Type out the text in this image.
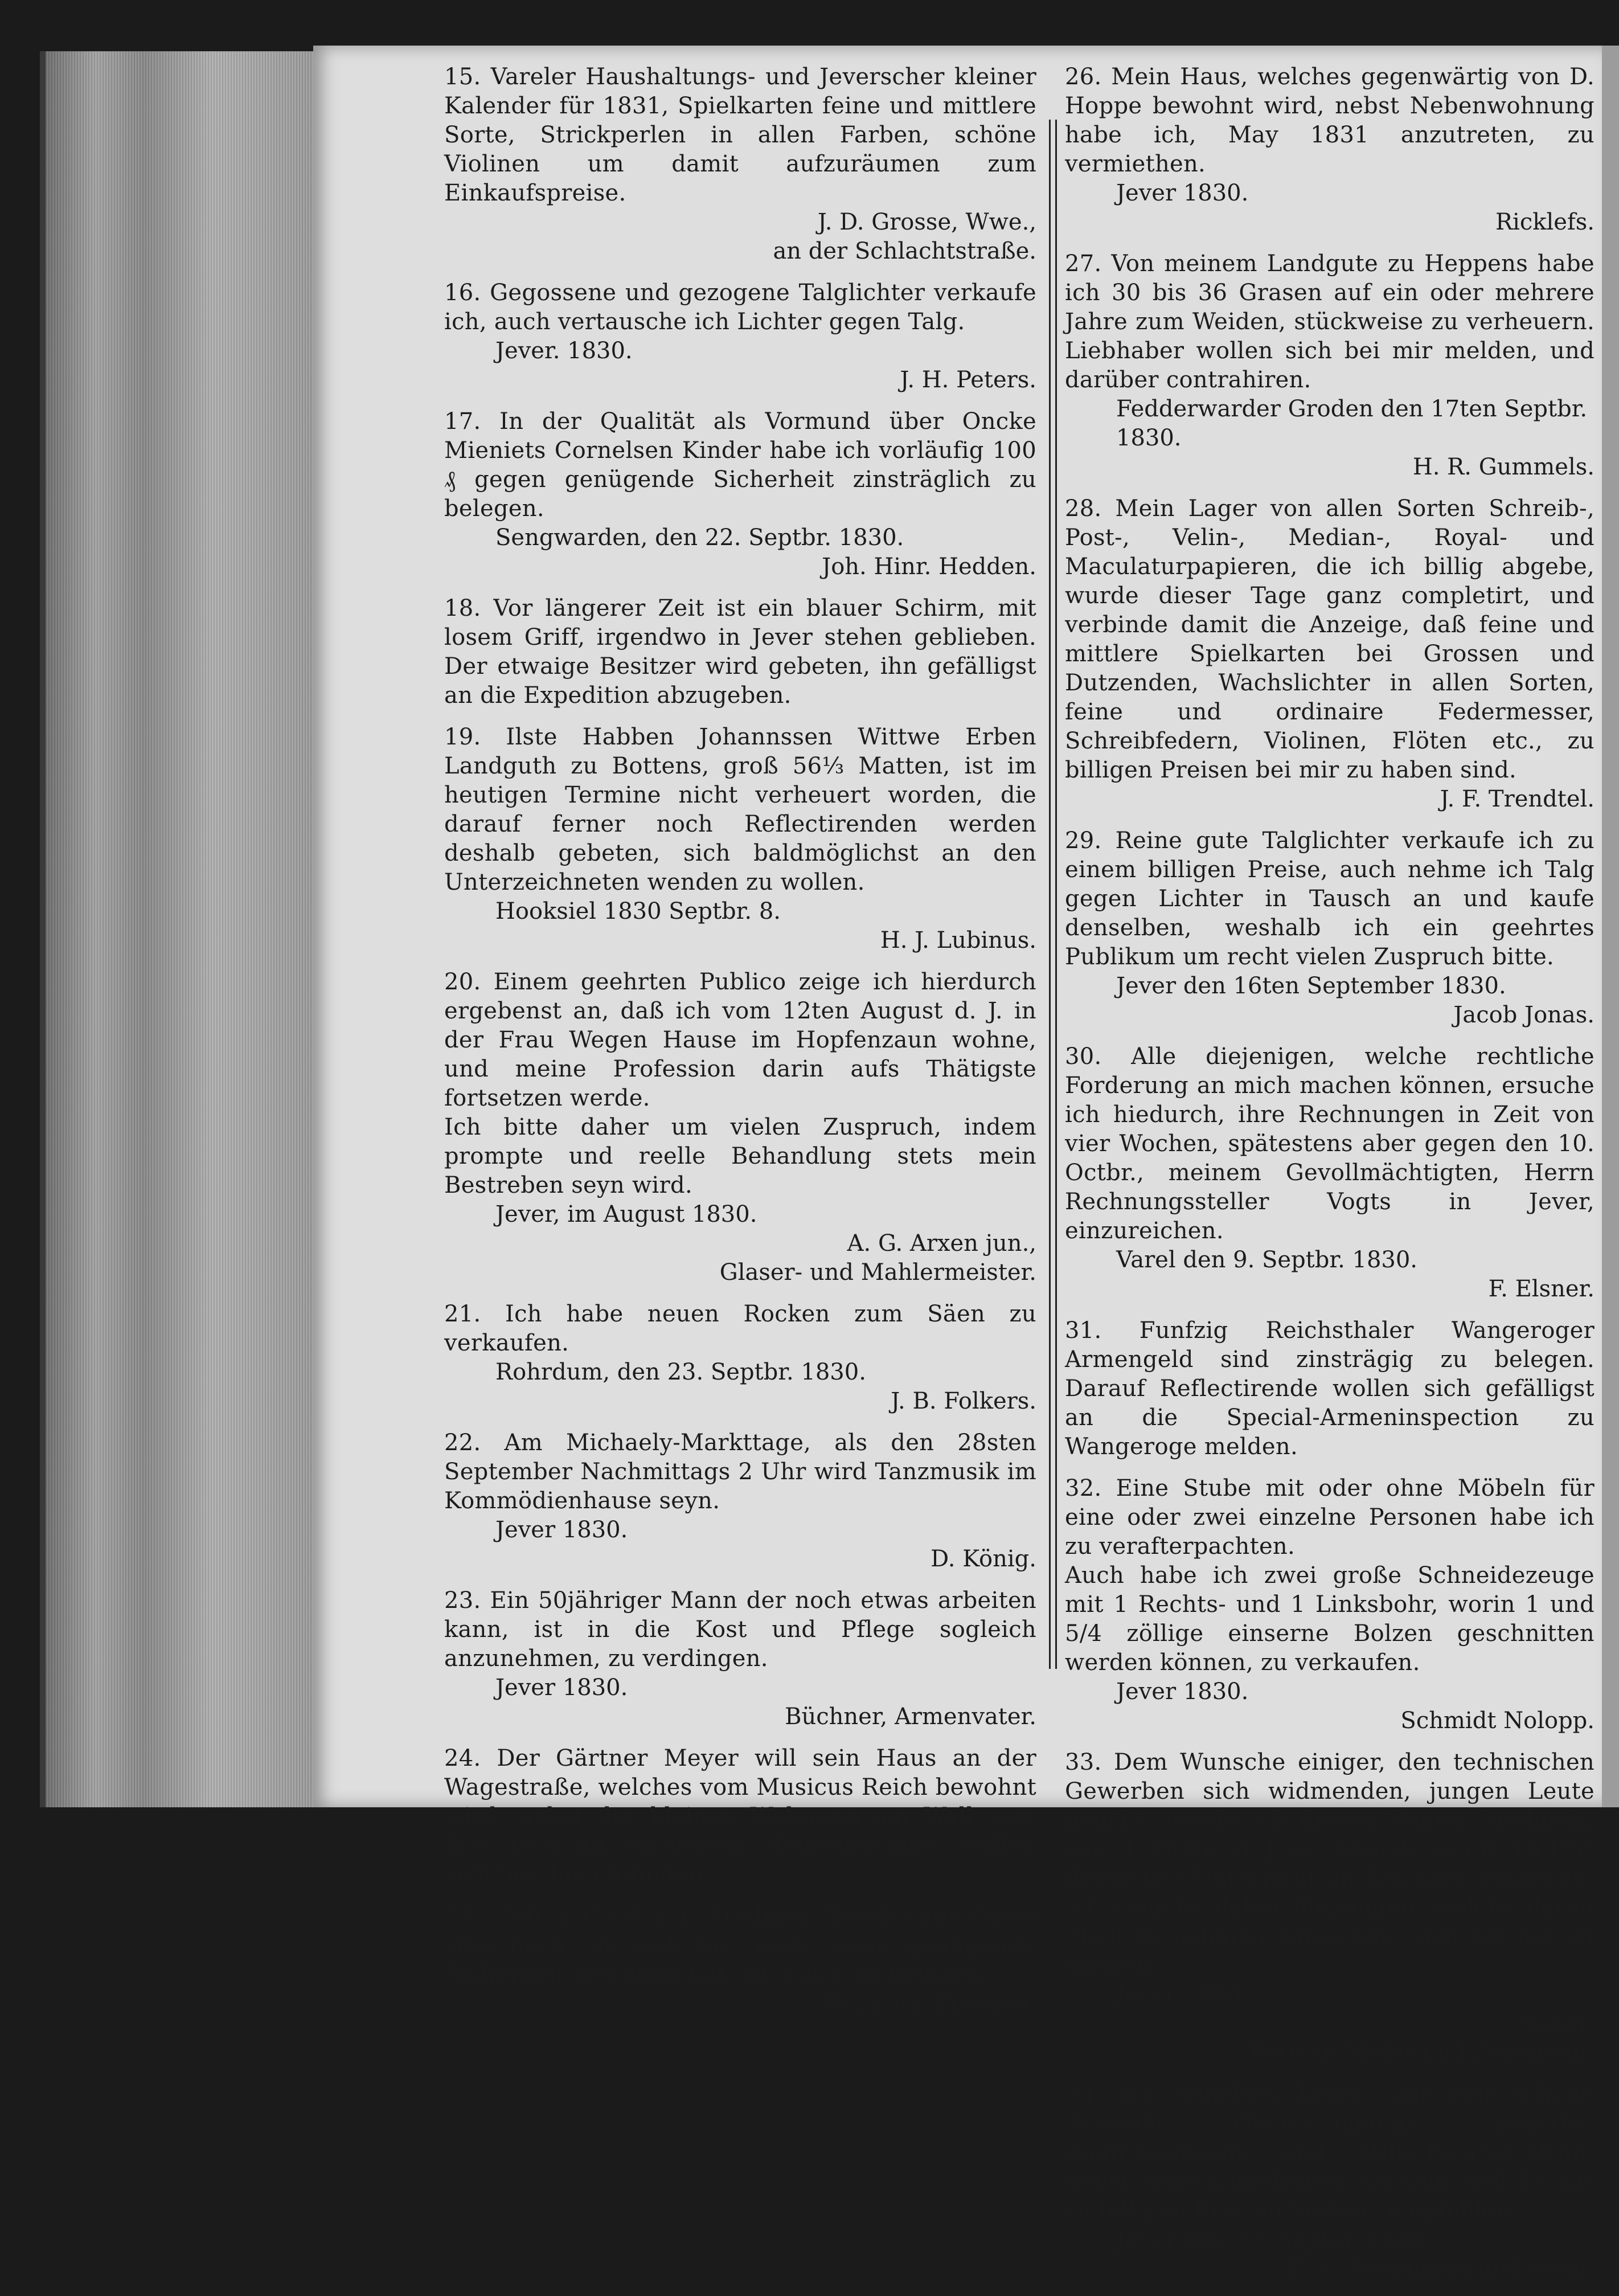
15. Vareler Haushaltungs- und Jeverscher kleiner Kalender für 1831, Spielkarten feine und mittlere Sorte, Strickperlen in allen Farben, schöne Violinen um damit aufzuräumen zum Einkaufspreise.

J. D. Grosse, Wwe.,
an der Schlachtstraße.

16. Gegossene und gezogene Talglichter verkaufe ich, auch vertausche ich Lichter gegen Talg.

Jever. 1830.

J. H. Peters.

17. In der Qualität als Vormund über Oncke Mieniets Cornelsen Kinder habe ich vorläufig 100 ₰ gegen genügende Sicherheit zinsträglich zu belegen.

Sengwarden, den 22. Septbr. 1830.

Joh. Hinr. Hedden.

18. Vor längerer Zeit ist ein blauer Schirm, mit losem Griff, irgendwo in Jever stehen geblieben. Der etwaige Besitzer wird gebeten, ihn gefälligst an die Expedition abzugeben.

19. Ilste Habben Johannssen Wittwe Erben Landguth zu Bottens, groß 56⅓ Matten, ist im heutigen Termine nicht verheuert worden, die darauf ferner noch Reflectirenden werden deshalb gebeten, sich baldmöglichst an den Unterzeichneten wenden zu wollen.

Hooksiel 1830 Septbr. 8.

H. J. Lubinus.

20. Einem geehrten Publico zeige ich hierdurch ergebenst an, daß ich vom 12ten August d. J. in der Frau Wegen Hause im Hopfenzaun wohne, und meine Profession darin aufs Thätigste fortsetzen werde.
Ich bitte daher um vielen Zuspruch, indem prompte und reelle Behandlung stets mein Bestreben seyn wird.

Jever, im August 1830.

A. G. Arxen jun.,
Glaser- und Mahlermeister.

21. Ich habe neuen Rocken zum Säen zu verkaufen.

Rohrdum, den 23. Septbr. 1830.

J. B. Folkers.

22. Am Michaely-Markttage, als den 28sten September Nachmittags 2 Uhr wird Tanzmusik im Kommödienhause seyn.

Jever 1830.

D. König.

23. Ein 50jähriger Mann der noch etwas arbeiten kann, ist in die Kost und Pflege sogleich anzunehmen, zu verdingen.

Jever 1830.

Büchner, Armenvater.

24. Der Gärtner Meyer will sein Haus an der Wagestraße, welches vom Musicus Reich bewohnt wird, nebst der kleinen Wohnung am Wall vom May 1831 an, verheuern. Heuerliebhaber wollen sich bei ihm einfinden.

25. 200 ₰ Gold zur Prediger Besoldungs-Casse sind noch, da sich bis hiezu keine genügende Sicherheit getroffen hat, zu 3 pCt. zu belegen.

W. Jaritz, Provisor.

26. Mein Haus, welches gegenwärtig von D. Hoppe bewohnt wird, nebst Nebenwohnung habe ich, May 1831 anzutreten, zu vermiethen.

Jever 1830.

Ricklefs.

27. Von meinem Landgute zu Heppens habe ich 30 bis 36 Grasen auf ein oder mehrere Jahre zum Weiden, stückweise zu verheuern. Liebhaber wollen sich bei mir melden, und darüber contrahiren.

Fedderwarder Groden den 17ten Septbr. 1830.

H. R. Gummels.

28. Mein Lager von allen Sorten Schreib-, Post-, Velin-, Median-, Royal- und Maculaturpapieren, die ich billig abgebe, wurde dieser Tage ganz completirt, und verbinde damit die Anzeige, daß feine und mittlere Spielkarten bei Grossen und Dutzenden, Wachslichter in allen Sorten, feine und ordinaire Federmesser, Schreibfedern, Violinen, Flöten etc., zu billigen Preisen bei mir zu haben sind.

J. F. Trendtel.

29. Reine gute Talglichter verkaufe ich zu einem billigen Preise, auch nehme ich Talg gegen Lichter in Tausch an und kaufe denselben, weshalb ich ein geehrtes Publikum um recht vielen Zuspruch bitte.

Jever den 16ten September 1830.

Jacob Jonas.

30. Alle diejenigen, welche rechtliche Forderung an mich machen können, ersuche ich hiedurch, ihre Rechnungen in Zeit von vier Wochen, spätestens aber gegen den 10. Octbr., meinem Gevollmächtigten, Herrn Rechnungssteller Vogts in Jever, einzureichen.

Varel den 9. Septbr. 1830.

F. Elsner.

31. Funfzig Reichsthaler Wangeroger Armengeld sind zinsträgig zu belegen. Darauf Reflectirende wollen sich gefälligst an die Special-Armeninspection zu Wangeroge melden.

32. Eine Stube mit oder ohne Möbeln für eine oder zwei einzelne Personen habe ich zu verafterpachten.
Auch habe ich zwei große Schneidezeuge mit 1 Rechts- und 1 Linksbohr, worin 1 und 5/4 zöllige einserne Bolzen geschnitten werden können, zu verkaufen.

Jever 1830.

Schmidt Nolopp.

33. Dem Wunsche einiger, den technischen Gewerben sich widmenden, jungen Leute gemäß, werde ich diesen Winter hindurch, vom 1. Octbr. d. J. an, Abends von 8--10 Uhr denselben Unterricht im Zeichnen ertheilen; ich ersuche daher diejenigen, welche daran Theil zu nehmen wünschen, sich bei mir zu melden.

Jever 1830.

Mauer,
Portrait-Maler und Zeichnenl.

34. Wir erhielten dieser Tage eine schöne Auswahl Glanz-Gingangs, jaspirter Baumwollzeuge und Mille-Fleurs-Cattun, nebst andern modernen Artikeln, welche wir zu billigen Preisen bestens empfehlen.

Jever den 23. Septbr. 1830.

K. S. Koopmann und Sohn.
